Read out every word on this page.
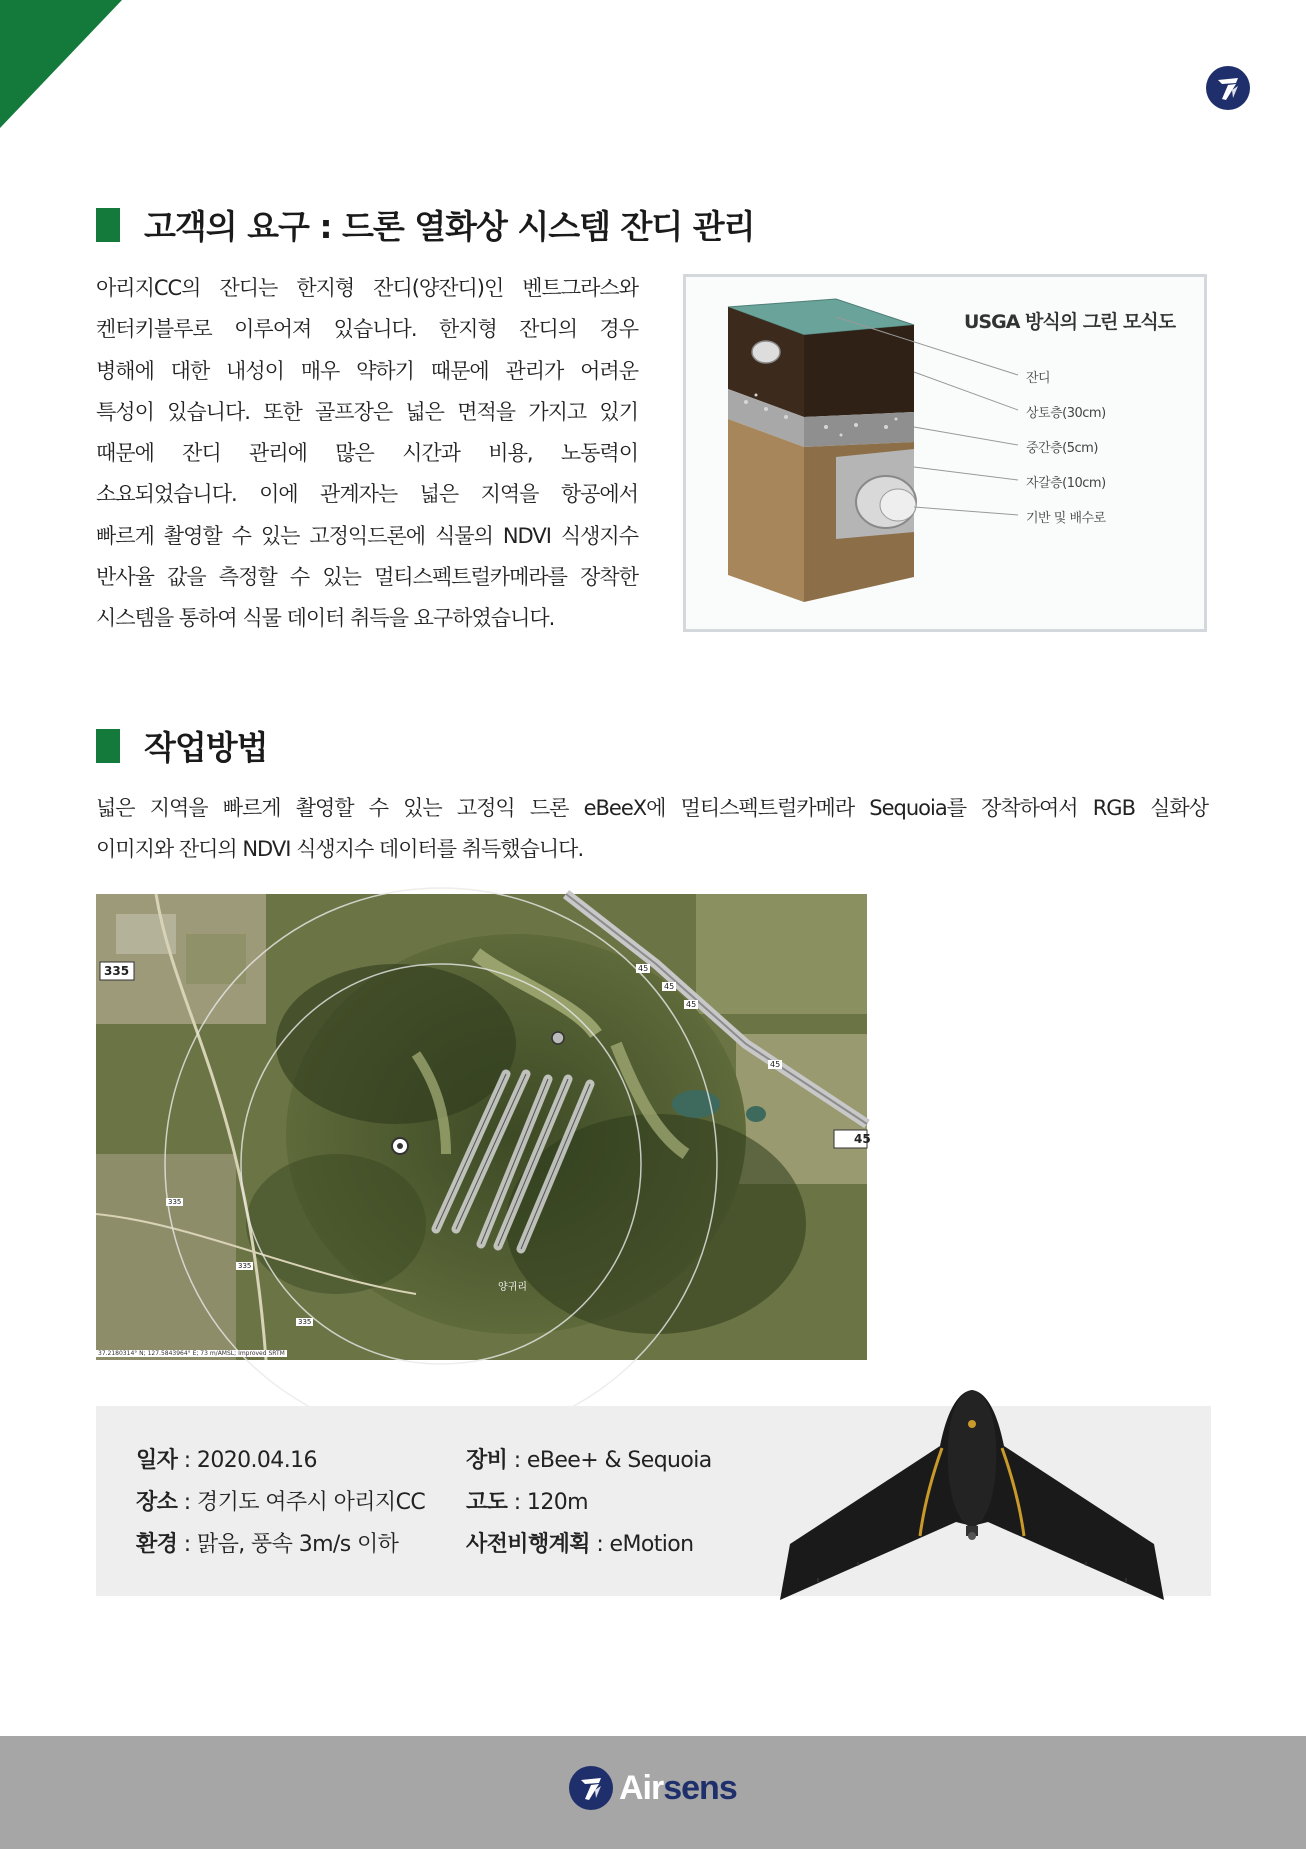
고객의 요구 : 드론 열화상 시스템 잔디 관리
아리지CC의 잔디는 한지형 잔디(양잔디)인 벤트그라스와
켄터키블루로 이루어져 있습니다. 한지형 잔디의 경우
병해에 대한 내성이 매우 약하기 때문에 관리가 어려운
특성이 있습니다. 또한 골프장은 넓은 면적을 가지고 있기
때문에 잔디 관리에 많은 시간과 비용, 노동력이
소요되었습니다. 이에 관계자는 넓은 지역을 항공에서
빠르게 촬영할 수 있는 고정익드론에 식물의 NDVI 식생지수
반사율 값을 측정할 수 있는 멀티스펙트럴카메라를 장착한
시스템을 통하여 식물 데이터 취득을 요구하였습니다.
USGA 방식의 그린 모식도
잔디
상토층(30cm)
중간층(5cm)
자갈층(10cm)
기반 및 배수로
작업방법
넓은 지역을 빠르게 촬영할 수 있는 고정익 드론 eBeeX에 멀티스펙트럴카메라 Sequoia를 장착하여서 RGB 실화상
이미지와 잔디의 NDVI 식생지수 데이터를 취득했습니다.
335	45
45
45
45
45
335
335
335
양귀리
37.2180314° N; 127.5843964° E; 73 m/AMSL; Improved SRTM
일자 : 2020.04.16
장소 : 경기도 여주시 아리지CC
환경 : 맑음, 풍속 3m/s 이하
장비 : eBee+ & Sequoia
고도 : 120m
사전비행계획 : eMotion
Airsens
